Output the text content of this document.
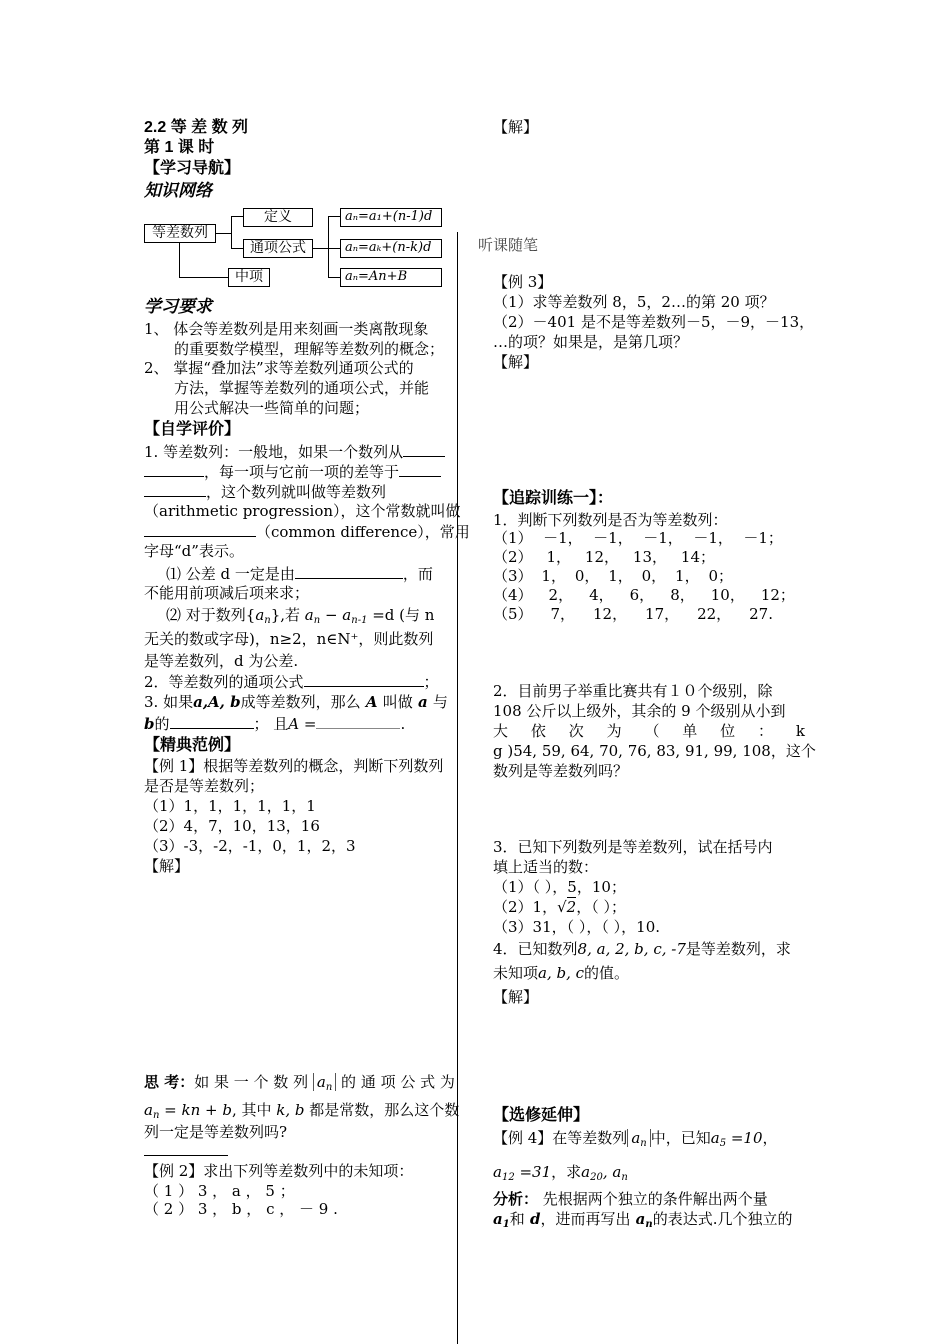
2.2 等 差 数 列
第 1 课 时
【学习导航】
知识网络
等差数列
定义
通项公式
中项
aₙ=a₁+(n-1)d
aₙ=aₖ+(n-k)d
aₙ=An+B
学习要求
1、 体会等差数列是用来刻画一类离散现象
的重要数学模型，理解等差数列的概念；
2、 掌握“叠加法”求等差数列通项公式的
方法，掌握等差数列的通项公式，并能
用公式解决一些简单的问题；
【自学评价】
1. 等差数列：一般地，如果一个数列从
，每一项与它前一项的差等于
，这个数列就叫做等差数列
（arithmetic progression），这个常数就叫做
（common difference），常用
字母“d”表示。
⑴ 公差 d 一定是由	，而
不能用前项减后项来求；
⑵ 对于数列$\{a_n\}$,若 $a_n - a_{n-1} =d$ (与 n
无关的数或字母)，n≥2，n∈N⁺，则此数列
是等差数列，d 为公差.
2．等差数列的通项公式	；
3. 如果a,A, b成等差数列，那么 A 叫做 a 与
b的	； 且A =	.
【精典范例】
【例 1】根据等差数列的概念，判断下列数列
是否是等差数列；
（1）1，1，1，1，1，1
（2）4，7，10，13，16
（3）-3，-2，-1，0，1，2，3
【解】
思 考：如 果 一 个 数 列 $a_n$ 的 通 项 公 式 为
$a_n$ = kn + b, 其中 k, b 都是常数，那么这个数
列一定是等差数列吗?
【例 2】求出下列等差数列中的未知项：
（ 1 ） 3 ， a ， 5 ；
（ 2 ） 3 ， b ， c ， － 9 .
【解】
听课随笔
【例 3】
（1）求等差数列 8，5，2…的第 20 项？
（2）－401 是不是等差数列－5，－9，－13，
…的项？如果是，是第几项？
【解】
【追踪训练一】：
1．判断下列数列是否为等差数列：
（1） －1， －1， －1， －1， －1；
（2） 1， 12， 13， 14；
（3） 1， 0， 1， 0， 1， 0；
（4） 2， 4， 6， 8， 10， 12；
（5） 7， 12， 17， 22， 27.
2．目前男子举重比赛共有１０个级别，除
108 公斤以上级外，其余的 9 个级别从小到
大 依 次 为 （ 单 位 ： k
g )54, 59, 64, 70, 76, 83, 91, 99, 108，这个
数列是等差数列吗？
3．已知下列数列是等差数列，试在括号内
填上适当的数：
（1）（ ），5，10；
（2）1，√2，（ ）；
（3）31，（ ），（ ），10.
4．已知数列8, a, 2, b, c, -7是等差数列，求
未知项a, b, c的值。
【解】
【选修延伸】
【例 4】在等差数列 $a_n$ 中，已知$a_5 =10$，
$a_{12} =31$，求$a_{20}$, $a_n$
分析： 先根据两个独立的条件解出两个量
$a_1$和 d，进而再写出 $a_n$的表达式.几个独立的
